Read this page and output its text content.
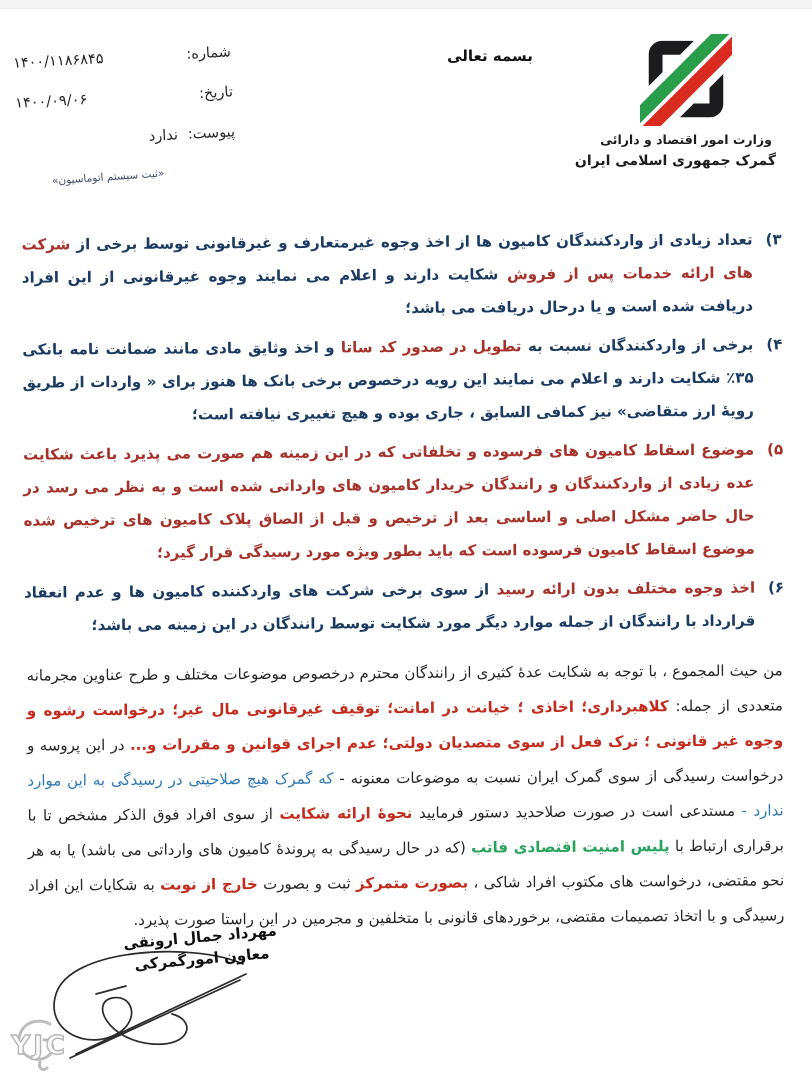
وزارت امور اقتصاد و دارائی
گمرک جمهوری اسلامی ایران
بسمه تعالی
شماره:
۱۴۰۰/۱۱۸۶۸۴۵
تاریخ:
۱۴۰۰/۰۹/۰۶
پیوست:
ندارد
«ثبت سیستم اتوماسیون»
۳)
تعداد زیادی از واردکنندگان کامیون ها از اخذ وجوه غیرمتعارف و غیرقانونی توسط برخی از شرکت های ارائه خدمات پس از فروش شکایت دارند و اعلام می نمایند وجوه غیرقانونی از این افراد دریافت شده است و یا درحال دریافت می باشد؛
۴)
برخی از واردکنندگان نسبت به تطویل در صدور کد ساتا و اخذ وثایق مادی مانند ضمانت نامه بانکی ۳۵٪ شکایت دارند و اعلام می نمایند این رویه درخصوص برخی بانک ها هنوز برای « واردات از طریق رویۀ ارز متقاضی» نیز کمافی السابق ، جاری بوده و هیچ تغییری نیافته است؛
۵)
موضوع اسقاط کامیون های فرسوده و تخلفاتی که در این زمینه هم صورت می پذیرد باعث شکایت عده زیادی از واردکنندگان و رانندگان خریدار کامیون های وارداتی شده است و به نظر می رسد در حال حاضر مشکل اصلی و اساسی بعد از ترخیص و قبل از الصاق پلاک کامیون های ترخیص شده موضوع اسقاط کامیون فرسوده است که باید بطور ویژه مورد رسیدگی قرار گیرد؛
۶)
اخذ وجوه مختلف بدون ارائه رسید از سوی برخی شرکت های واردکننده کامیون ها و عدم انعقاد قرارداد با رانندگان از جمله موارد دیگر مورد شکایت توسط رانندگان در این زمینه می باشد؛

من حیث المجموع ، با توجه به شکایت عدهٔ کثیری از رانندگان محترم درخصوص موضوعات مختلف و طرح عناوین مجرمانه متعددی از جمله: کلاهبرداری؛ اخاذی ؛ خیانت در امانت؛ توقیف غیرقانونی مال غیر؛ درخواست رشوه و وجوه غیر قانونی ؛ ترک فعل از سوی متصدیان دولتی؛ عدم اجرای قوانین و مقررات و... در این پروسه و درخواست رسیدگی از سوی گمرک ایران نسبت به موضوعات معنونه - که گمرک هیچ صلاحیتی در رسیدگی به این موارد ندارد - مستدعی است در صورت صلاحدید دستور فرمایید نحوۀ ارائه شکایت از سوی افراد فوق الذکر مشخص تا با برقراری ارتباط با پلیس امنیت اقتصادی فاتب (که در حال رسیدگی به پروندۀ کامیون های وارداتی می باشد) یا به هر نحو مقتضی، درخواست های مکتوب افراد شاکی ، بصورت متمرکز ثبت و بصورت خارج از نوبت به شکایات این افراد رسیدگی و با اتخاذ تصمیمات مقتضی، برخوردهای قانونی با متخلفین و مجرمین در این راستا صورت پذیرد.

مهرداد جمال ارونقی
معاون امورگمرکی
YJC
